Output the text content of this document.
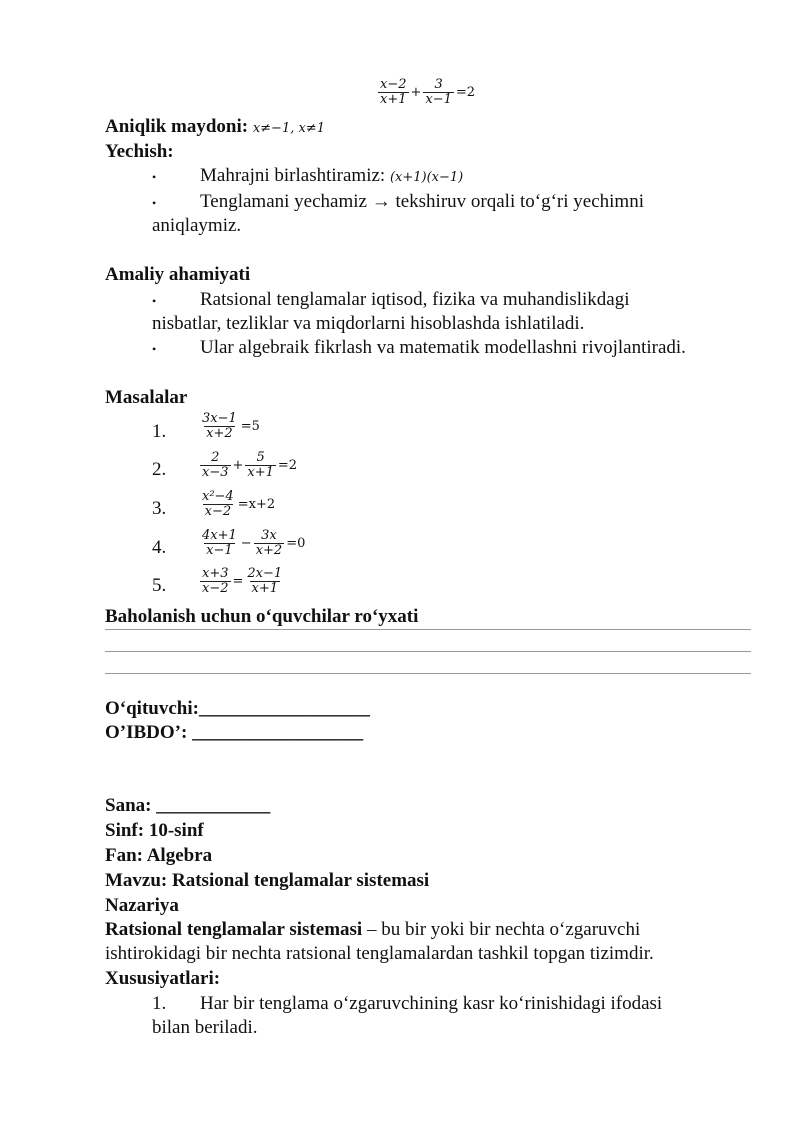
$\frac{x-2}{x+1} + \frac{3}{x-1} =2$
Aniqlik maydoni: x≠−1, x≠1
Yechish:
• Mahrajni birlashtiramiz: (x+1)(x−1)
• Tenglamani yechamiz → tekshiruv orqali to‘g‘ri yechimni
aniqlaymiz.
Amaliy ahamiyati
• Ratsional tenglamalar iqtisod, fizika va muhandislikdagi
nisbatlar, tezliklar va miqdorlarni hisoblashda ishlatiladi.
• Ular algebraik fikrlash va matematik modellashni rivojlantiradi.
Masalalar
1.	$\frac{3x-1}{x+2} =5$
2.	$\frac{2}{x-3} + \frac{5}{x+1} =2$
3.	$\frac{\text{x²−4}}{x-2} =x+2$
4.	$\frac{4x+1}{x-1} - \frac{3x}{x+2} =0$
5.	$\frac{x+3}{x-2} = \frac{2x-1}{x+1}$
Baholanish uchun o‘quvchilar ro‘yxati
O‘qituvchi:__________________
O’IBDO’: __________________
Sana: ____________
Sinf: 10-sinf
Fan: Algebra
Mavzu: Ratsional tenglamalar sistemasi
Nazariya
Ratsional tenglamalar sistemasi – bu bir yoki bir nechta o‘zgaruvchi
ishtirokidagi bir nechta ratsional tenglamalardan tashkil topgan tizimdir.
Xususiyatlari:
1. Har bir tenglama o‘zgaruvchining kasr ko‘rinishidagi ifodasi
bilan beriladi.
